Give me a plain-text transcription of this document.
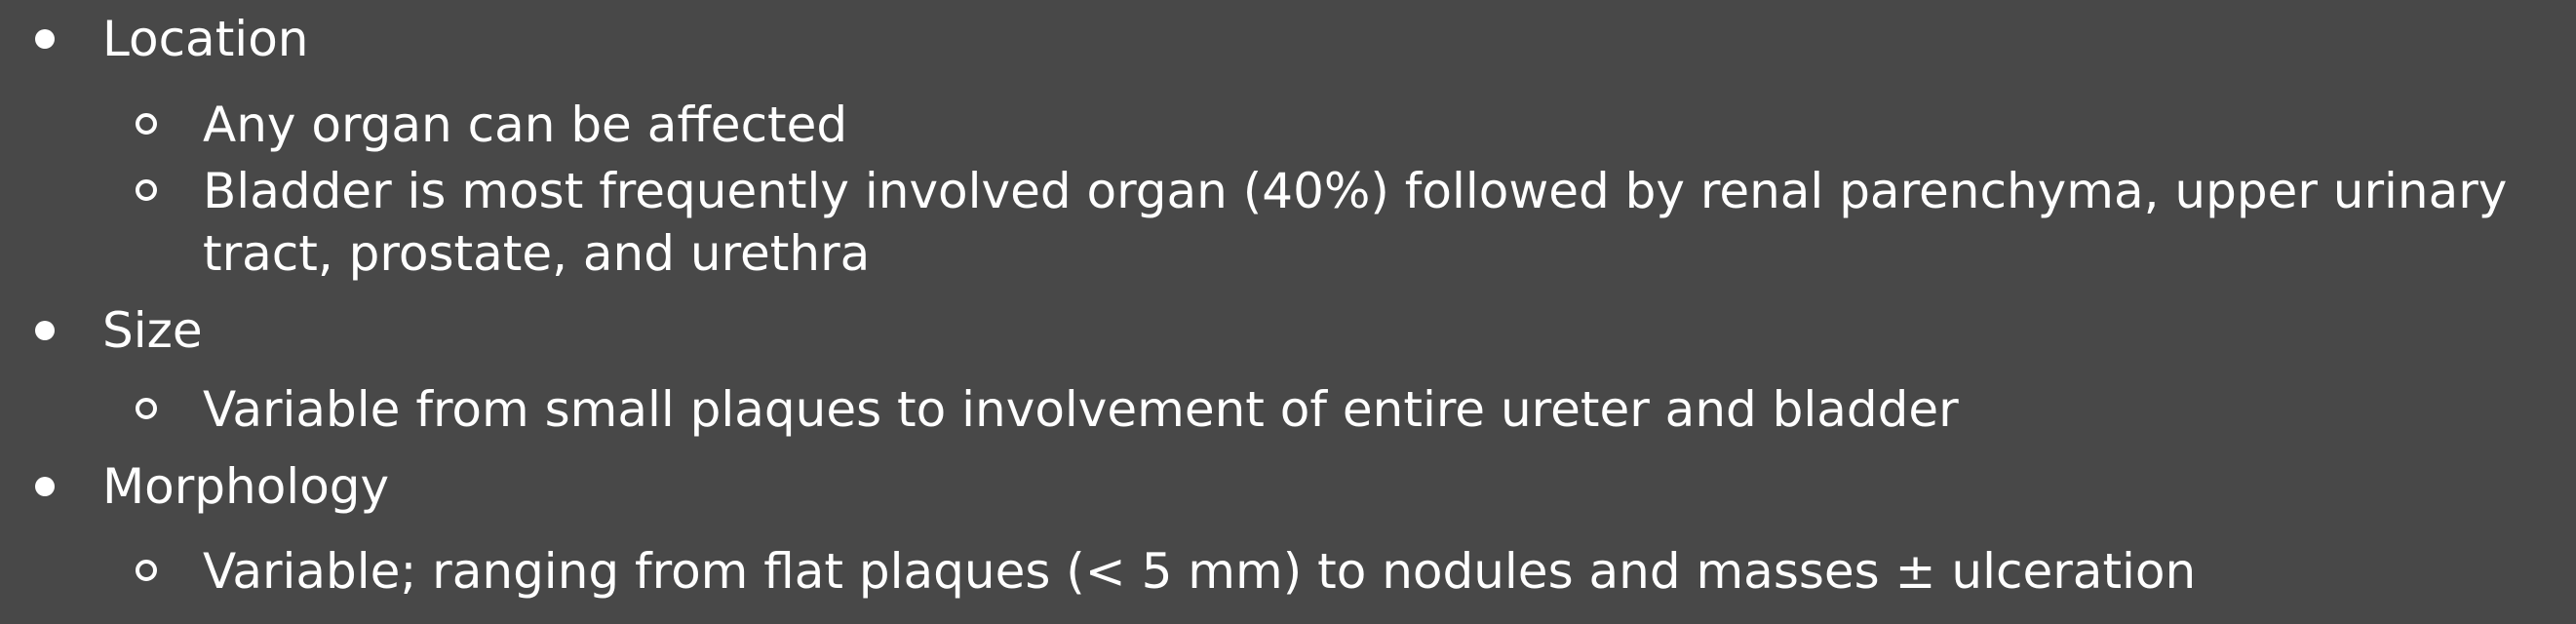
Location
Any organ can be affected
Bladder is most frequently involved organ (40%) followed by renal parenchyma, upper urinary
tract, prostate, and urethra
Size
Variable from small plaques to involvement of entire ureter and bladder
Morphology
Variable; ranging from flat plaques (< 5 mm) to nodules and masses ± ulceration
